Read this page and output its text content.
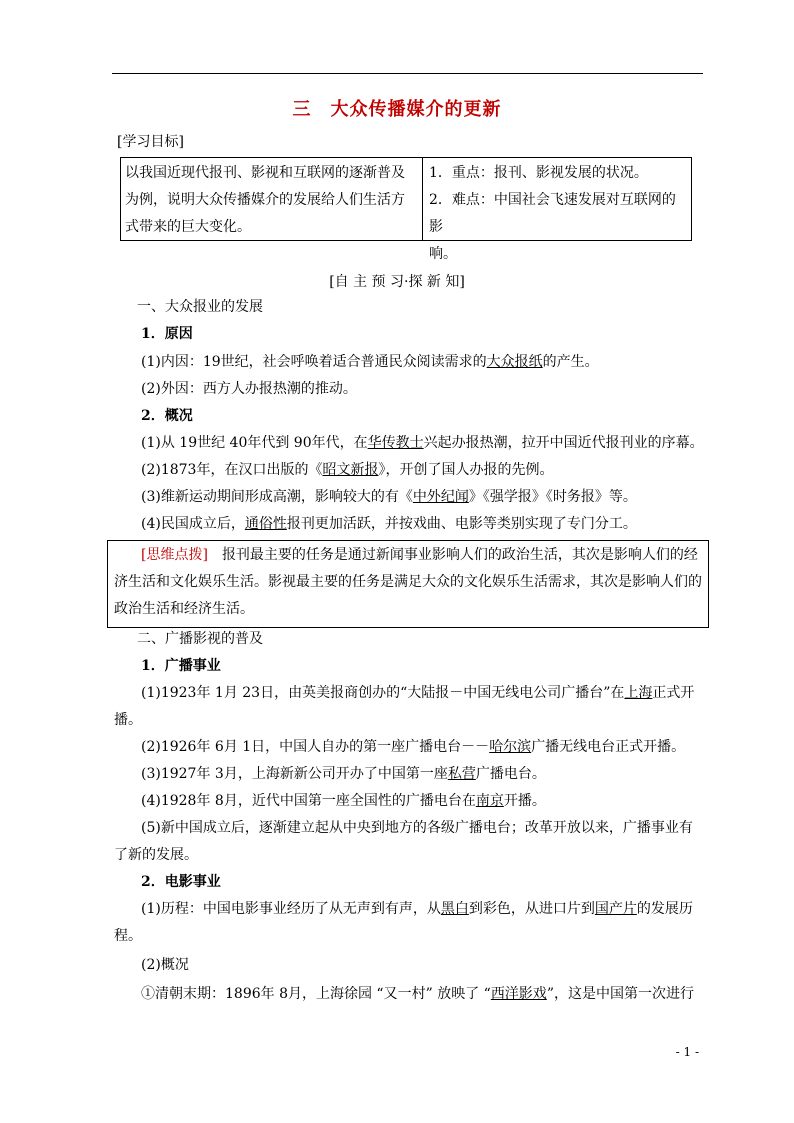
三　大众传播媒介的更新
[学习目标]
以我国近现代报刊、影视和互联网的逐渐普及
为例，说明大众传播媒介的发展给人们生活方
式带来的巨大变化。
1．重点：报刊、影视发展的状况。
2．难点：中国社会飞速发展对互联网的影
响。
[自 主 预 习·探 新 知]
一、大众报业的发展
1．原因
(1)内因：19世纪，社会呼唤着适合普通民众阅读需求的大众报纸的产生。
(2)外因：西方人办报热潮的推动。
2．概况
(1)从 19世纪 40年代到 90年代，在华传教士兴起办报热潮，拉开中国近代报刊业的序幕。
(2)1873年，在汉口出版的《昭文新报》，开创了国人办报的先例。
(3)维新运动期间形成高潮，影响较大的有《中外纪闻》《强学报》《时务报》等。
(4)民国成立后，通俗性报刊更加活跃，并按戏曲、电影等类别实现了专门分工。
[思维点拨]  报刊最主要的任务是通过新闻事业影响人们的政治生活，其次是影响人们的经
济生活和文化娱乐生活。影视最主要的任务是满足大众的文化娱乐生活需求，其次是影响人们的
政治生活和经济生活。
二、广播影视的普及
1．广播事业
(1)1923年 1月 23日，由英美报商创办的“大陆报－中国无线电公司广播台”在上海正式开
播。
(2)1926年 6月 1日，中国人自办的第一座广播电台－－哈尔滨广播无线电台正式开播。
(3)1927年 3月，上海新新公司开办了中国第一座私营广播电台。
(4)1928年 8月，近代中国第一座全国性的广播电台在南京开播。
(5)新中国成立后，逐渐建立起从中央到地方的各级广播电台；改革开放以来，广播事业有
了新的发展。
2．电影事业
(1)历程：中国电影事业经历了从无声到有声，从黑白到彩色，从进口片到国产片的发展历
程。
(2)概况
①清朝末期：1896年 8月，上海徐园 “又一村” 放映了 “西洋影戏”，这是中国第一次进行
- 1 -
